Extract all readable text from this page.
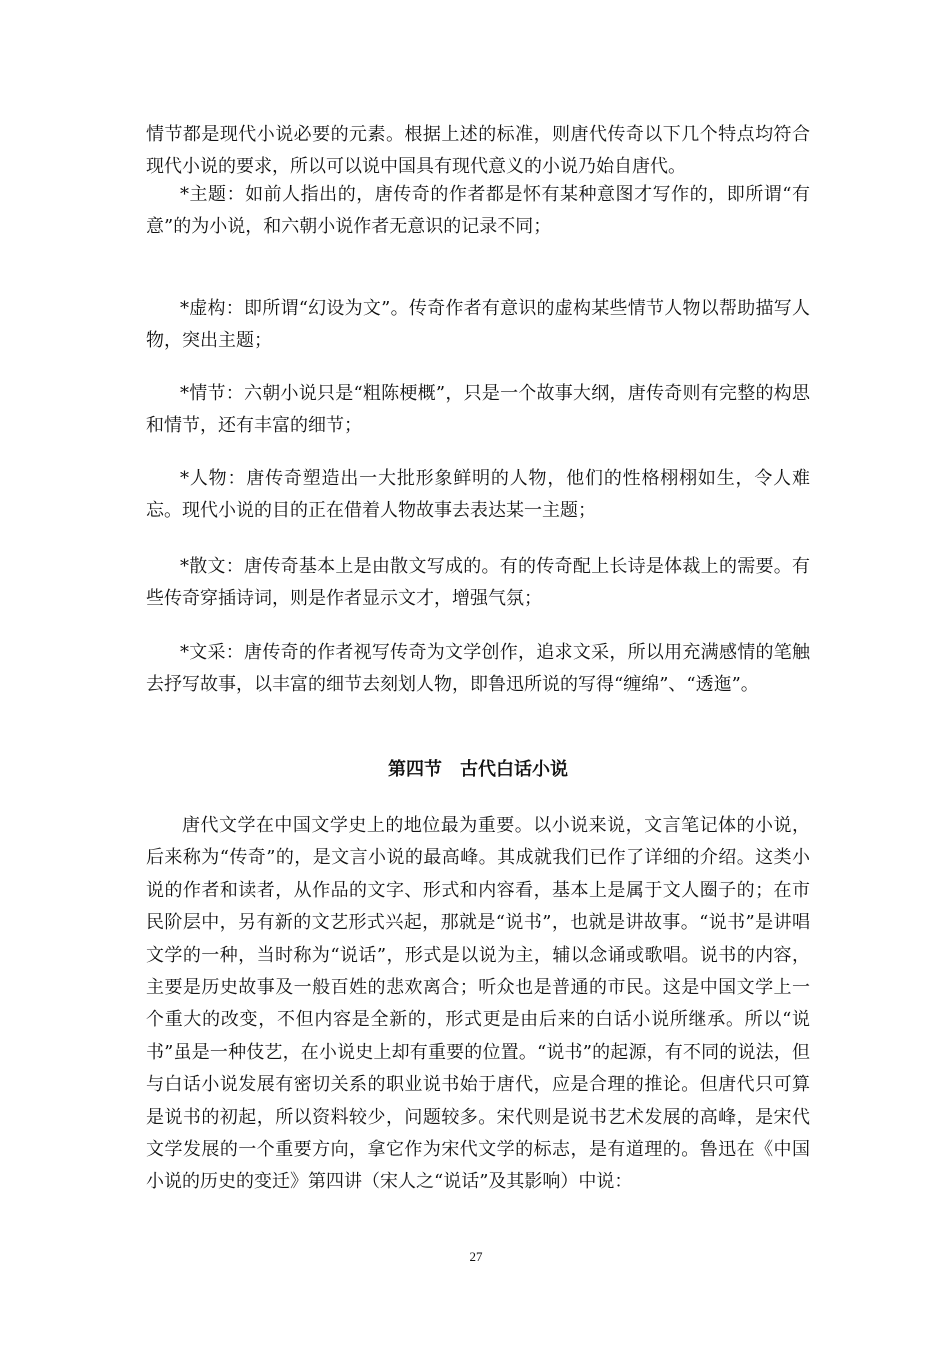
情节都是现代小说必要的元素。根据上述的标准，则唐代传奇以下几个特点均符合现代小说的要求，所以可以说中国具有现代意义的小说乃始自唐代。

*主题：如前人指出的，唐传奇的作者都是怀有某种意图才写作的，即所谓“有意”的为小说，和六朝小说作者无意识的记录不同；

*虚构：即所谓“幻设为文”。传奇作者有意识的虚构某些情节人物以帮助描写人物，突出主题；

*情节：六朝小说只是“粗陈梗概”，只是一个故事大纲，唐传奇则有完整的构思和情节，还有丰富的细节；

*人物：唐传奇塑造出一大批形象鲜明的人物，他们的性格栩栩如生，令人难忘。现代小说的目的正在借着人物故事去表达某一主题；

*散文：唐传奇基本上是由散文写成的。有的传奇配上长诗是体裁上的需要。有些传奇穿插诗词，则是作者显示文才，增强气氛；

*文采：唐传奇的作者视写传奇为文学创作，追求文采，所以用充满感情的笔触去抒写故事，以丰富的细节去刻划人物，即鲁迅所说的写得“缠绵”、“透迤”。

第四节　古代白话小说

唐代文学在中国文学史上的地位最为重要。以小说来说，文言笔记体的小说，后来称为“传奇”的，是文言小说的最高峰。其成就我们已作了详细的介绍。这类小说的作者和读者，从作品的文字、形式和内容看，基本上是属于文人圈子的；在市民阶层中，另有新的文艺形式兴起，那就是“说书”，也就是讲故事。“说书”是讲唱文学的一种，当时称为“说话”，形式是以说为主，辅以念诵或歌唱。说书的内容，主要是历史故事及一般百姓的悲欢离合；听众也是普通的市民。这是中国文学上一个重大的改变，不但内容是全新的，形式更是由后来的白话小说所继承。所以“说书”虽是一种伎艺，在小说史上却有重要的位置。“说书”的起源，有不同的说法，但与白话小说发展有密切关系的职业说书始于唐代，应是合理的推论。但唐代只可算是说书的初起，所以资料较少，问题较多。宋代则是说书艺术发展的高峰，是宋代文学发展的一个重要方向，拿它作为宋代文学的标志，是有道理的。鲁迅在《中国小说的历史的变迁》第四讲（宋人之“说话”及其影响）中说：

27
